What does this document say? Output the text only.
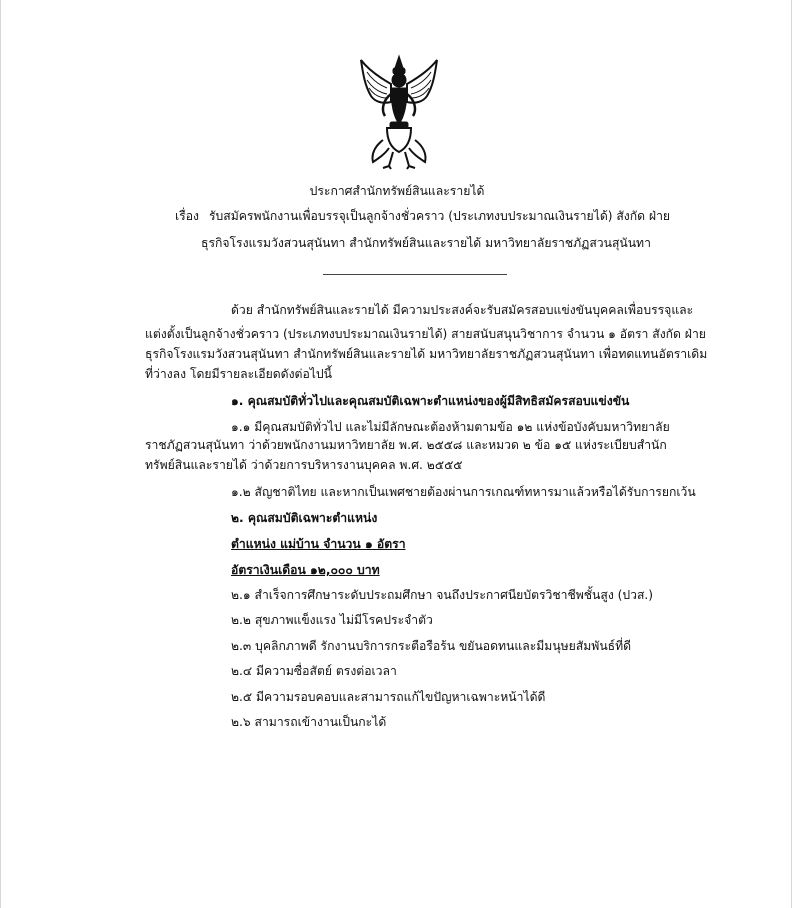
ประกาศสำนักทรัพย์สินและรายได้
เรื่อง รับสมัครพนักงานเพื่อบรรจุเป็นลูกจ้างชั่วคราว (ประเภทงบประมาณเงินรายได้) สังกัด ฝ่าย
ธุรกิจโรงแรมวังสวนสุนันทา สำนักทรัพย์สินและรายได้ มหาวิทยาลัยราชภัฏสวนสุนันทา
ด้วย สำนักทรัพย์สินและรายได้ มีความประสงค์จะรับสมัครสอบแข่งขันบุคคลเพื่อบรรจุและ
แต่งตั้งเป็นลูกจ้างชั่วคราว (ประเภทงบประมาณเงินรายได้) สายสนับสนุนวิชาการ จำนวน ๑ อัตรา สังกัด ฝ่าย
ธุรกิจโรงแรมวังสวนสุนันทา สำนักทรัพย์สินและรายได้ มหาวิทยาลัยราชภัฏสวนสุนันทา เพื่อทดแทนอัตราเดิม
ที่ว่างลง โดยมีรายละเอียดดังต่อไปนี้
๑. คุณสมบัติทั่วไปและคุณสมบัติเฉพาะตำแหน่งของผู้มีสิทธิสมัครสอบแข่งขัน
๑.๑ มีคุณสมบัติทั่วไป และไม่มีลักษณะต้องห้ามตามข้อ ๑๒ แห่งข้อบังคับมหาวิทยาลัย
ราชภัฏสวนสุนันทา ว่าด้วยพนักงานมหาวิทยาลัย พ.ศ. ๒๕๕๘ และหมวด ๒ ข้อ ๑๕ แห่งระเบียบสำนัก
ทรัพย์สินและรายได้ ว่าด้วยการบริหารงานบุคคล พ.ศ. ๒๕๕๕
๑.๒ สัญชาติไทย และหากเป็นเพศชายต้องผ่านการเกณฑ์ทหารมาแล้วหรือได้รับการยกเว้น
๒. คุณสมบัติเฉพาะตำแหน่ง
ตำแหน่ง แม่บ้าน จำนวน ๑ อัตรา
อัตราเงินเดือน ๑๒,๐๐๐ บาท
๒.๑ สำเร็จการศึกษาระดับประถมศึกษา จนถึงประกาศนียบัตรวิชาชีพชั้นสูง (ปวส.)
๒.๒ สุขภาพแข็งแรง ไม่มีโรคประจำตัว
๒.๓ บุคลิกภาพดี รักงานบริการกระตือรือร้น ขยันอดทนและมีมนุษยสัมพันธ์ที่ดี
๒.๔ มีความซื่อสัตย์ ตรงต่อเวลา
๒.๕ มีความรอบคอบและสามารถแก้ไขปัญหาเฉพาะหน้าได้ดี
๒.๖ สามารถเข้างานเป็นกะได้
